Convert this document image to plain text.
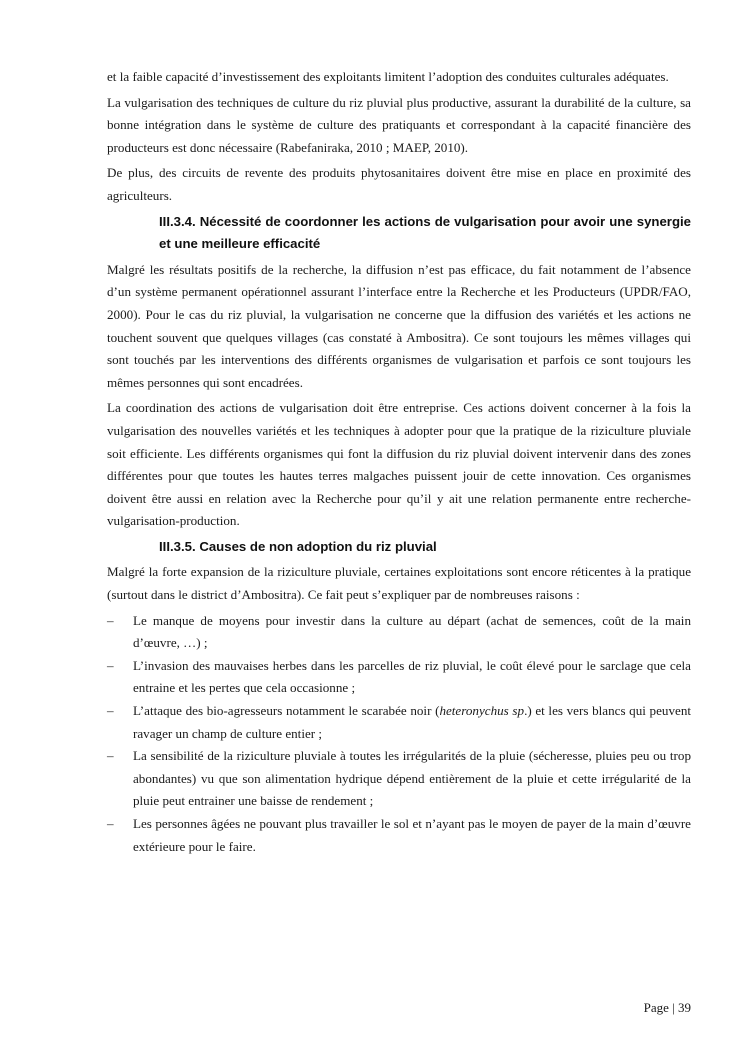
et la faible capacité d’investissement des exploitants limitent l’adoption des conduites culturales adéquates.

La vulgarisation des techniques de culture du riz pluvial plus productive, assurant la durabilité de la culture, sa bonne intégration dans le système de culture des pratiquants et correspondant à la capacité financière des producteurs est donc nécessaire (Rabefaniraka, 2010 ; MAEP, 2010).

De plus, des circuits de revente des produits phytosanitaires doivent être mise en place en proximité des agriculteurs.

III.3.4. Nécessité de coordonner les actions de vulgarisation pour avoir une synergie et une meilleure efficacité

Malgré les résultats positifs de la recherche, la diffusion n’est pas efficace, du fait notamment de l’absence d’un système permanent opérationnel assurant l’interface entre la Recherche et les Producteurs (UPDR/FAO, 2000). Pour le cas du riz pluvial, la vulgarisation ne concerne que la diffusion des variétés et les actions ne touchent souvent que quelques villages (cas constaté à Ambositra). Ce sont toujours les mêmes villages qui sont touchés par les interventions des différents organismes de vulgarisation et parfois ce sont toujours les mêmes personnes qui sont encadrées.

La coordination des actions de vulgarisation doit être entreprise. Ces actions doivent concerner à la fois la vulgarisation des nouvelles variétés et les techniques à adopter pour que la pratique de la riziculture pluviale soit efficiente. Les différents organismes qui font la diffusion du riz pluvial doivent intervenir dans des zones différentes pour que toutes les hautes terres malgaches puissent jouir de cette innovation. Ces organismes doivent être aussi en relation avec la Recherche pour qu’il y ait une relation permanente entre recherche-vulgarisation-production.

III.3.5. Causes de non adoption du riz pluvial

Malgré la forte expansion de la riziculture pluviale, certaines exploitations sont encore réticentes à la pratique (surtout dans le district d’Ambositra). Ce fait peut s’expliquer par de nombreuses raisons :

– Le manque de moyens pour investir dans la culture au départ (achat de semences, coût de la main d’œuvre, …) ;
– L’invasion des mauvaises herbes dans les parcelles de riz pluvial, le coût élevé pour le sarclage que cela entraine et les pertes que cela occasionne ;
– L’attaque des bio-agresseurs notamment le scarabée noir (heteronychus sp.) et les vers blancs qui peuvent ravager un champ de culture entier ;
– La sensibilité de la riziculture pluviale à toutes les irrégularités de la pluie (sécheresse, pluies peu ou trop abondantes) vu que son alimentation hydrique dépend entièrement de la pluie et cette irrégularité de la pluie peut entrainer une baisse de rendement ;
– Les personnes âgées ne pouvant plus travailler le sol et n’ayant pas le moyen de payer de la main d’œuvre extérieure pour le faire.
Page | 39
